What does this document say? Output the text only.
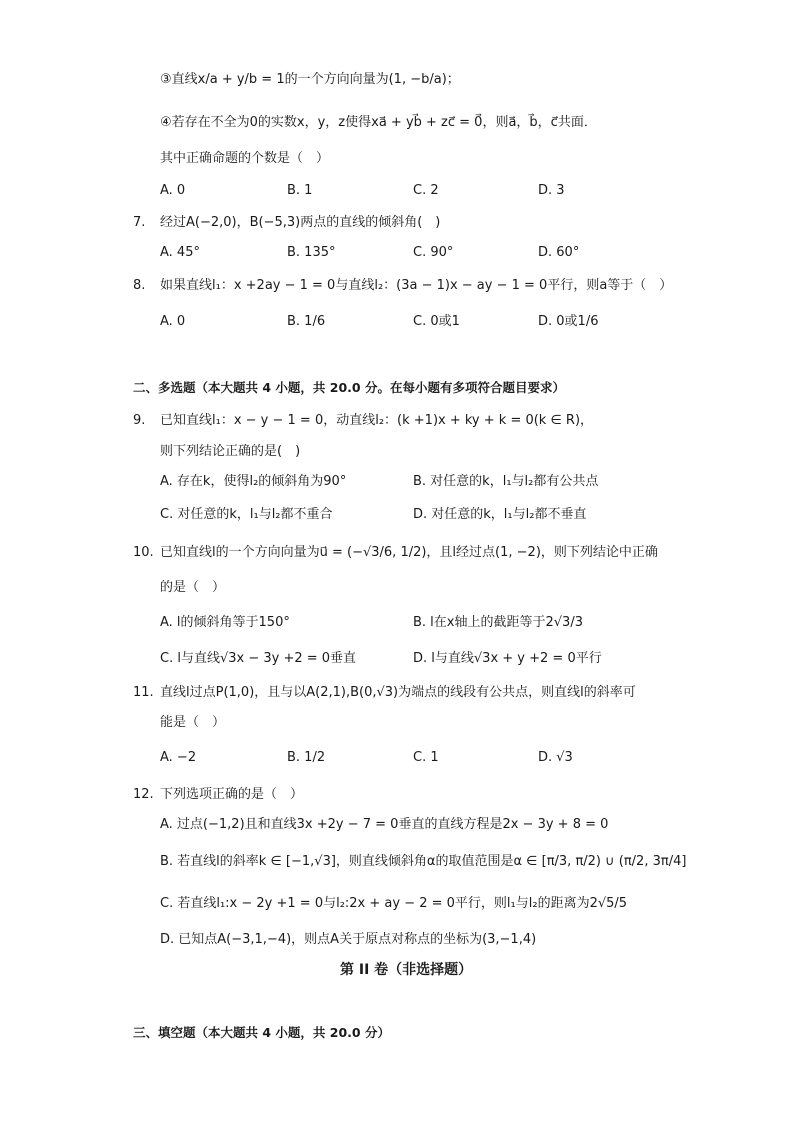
③直线x/a + y/b = 1的一个方向向量为(1, −b/a)；
④若存在不全为0的实数x，y，z使得xa⃗ + yb⃗ + zc⃗ = 0⃗，则a⃗，b⃗，c⃗共面．
其中正确命题的个数是（　）
7. 经过A(−2,0)，B(−5,3)两点的直线的倾斜角(　)
8. 如果直线l₁：x +2ay − 1 = 0与直线l₂：(3a − 1)x − ay − 1 = 0平行，则a等于（　）
9. 已知直线l₁：x − y − 1 = 0，动直线l₂：(k +1)x + ky + k = 0(k ∈ R)，
则下列结论正确的是(　)
10. 已知直线l的一个方向向量为u⃗ = (−√3/6, 1/2)，且l经过点(1, −2)，则下列结论中正确
的是（　）
11. 直线l过点P(1,0)，且与以A(2,1),B(0,√3)为端点的线段有公共点，则直线l的斜率可
能是（　）
12. 下列选项正确的是（　）
A. 过点(−1,2)且和直线3x +2y − 7 = 0垂直的直线方程是2x − 3y + 8 = 0
B. 若直线l的斜率k ∈ [−1,√3]，则直线倾斜角α的取值范围是α ∈ [π/3, π/2) ∪ (π/2, 3π/4]
C. 若直线l₁:x − 2y +1 = 0与l₂:2x + ay − 2 = 0平行，则l₁与l₂的距离为2√5/5
D. 已知点A(−3,1,−4)，则点A关于原点对称点的坐标为(3,−1,4)
A. 0	B. 1	C. 2	D. 3
A. 45°	B. 135°	C. 90°	D. 60°
A. 0	B. 1/6	C. 0或1	D. 0或1/6
A. 存在k，使得l₂的倾斜角为90°	B. 对任意的k，l₁与l₂都有公共点
C. 对任意的k，l₁与l₂都不重合	D. 对任意的k，l₁与l₂都不垂直
A. l的倾斜角等于150°	B. l在x轴上的截距等于2√3/3
C. l与直线√3x − 3y +2 = 0垂直	D. l与直线√3x + y +2 = 0平行
A. −2	B. 1/2	C. 1	D. √3
二、多选题（本大题共 4 小题，共 20.0 分。在每小题有多项符合题目要求）
第 II 卷（非选择题）
三、填空题（本大题共 4 小题，共 20.0 分）
